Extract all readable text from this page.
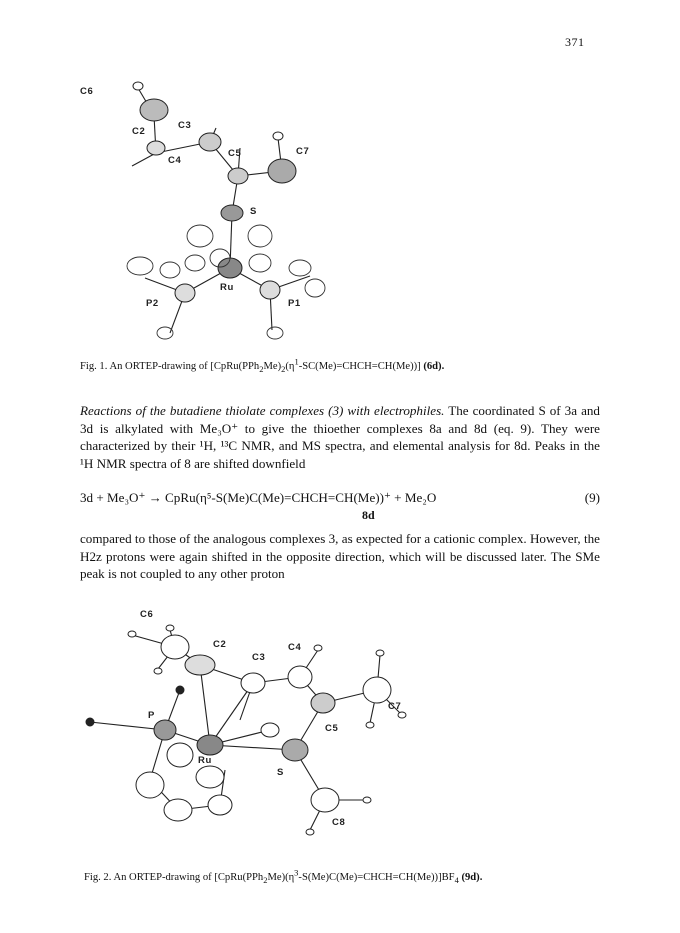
371
C6
C2
C3
C4
C5	C7
S
Ru
P2	P1
Fig. 1. An ORTEP-drawing of $[CpRu(PPh_2Me)_2(\eta^1-SC(Me)=CHCH=CH(Me))]$ (6d).

Reactions of the butadiene thiolate complexes (3) with electrophiles. The coordinated S of 3a and 3d is alkylated with Me₃O⁺ to give the thioether complexes 8a and 8d (eq. 9). They were characterized by their ¹H, ¹³C NMR, and MS spectra, and elemental analysis for 8d. Peaks in the ¹H NMR spectra of 8 are shifted downfield

3d + Me₃O⁺ → CpRu(η⁵-S(Me)C(Me)=CHCH=CH(Me))⁺ + Me₂O	(9)
8d

compared to those of the analogous complexes 3, as expected for a cationic complex. However, the H2z protons were again shifted in the opposite direction, which will be discussed later. The SMe peak is not coupled to any other proton

C6
C2
C3
C4
P
C7
C5
Ru
S
C8
Fig. 2. An ORTEP-drawing of $[CpRu(PPh_2Me)(\eta^3-S(Me)C(Me)=CHCH=CH(Me))]BF_4$ (9d).
